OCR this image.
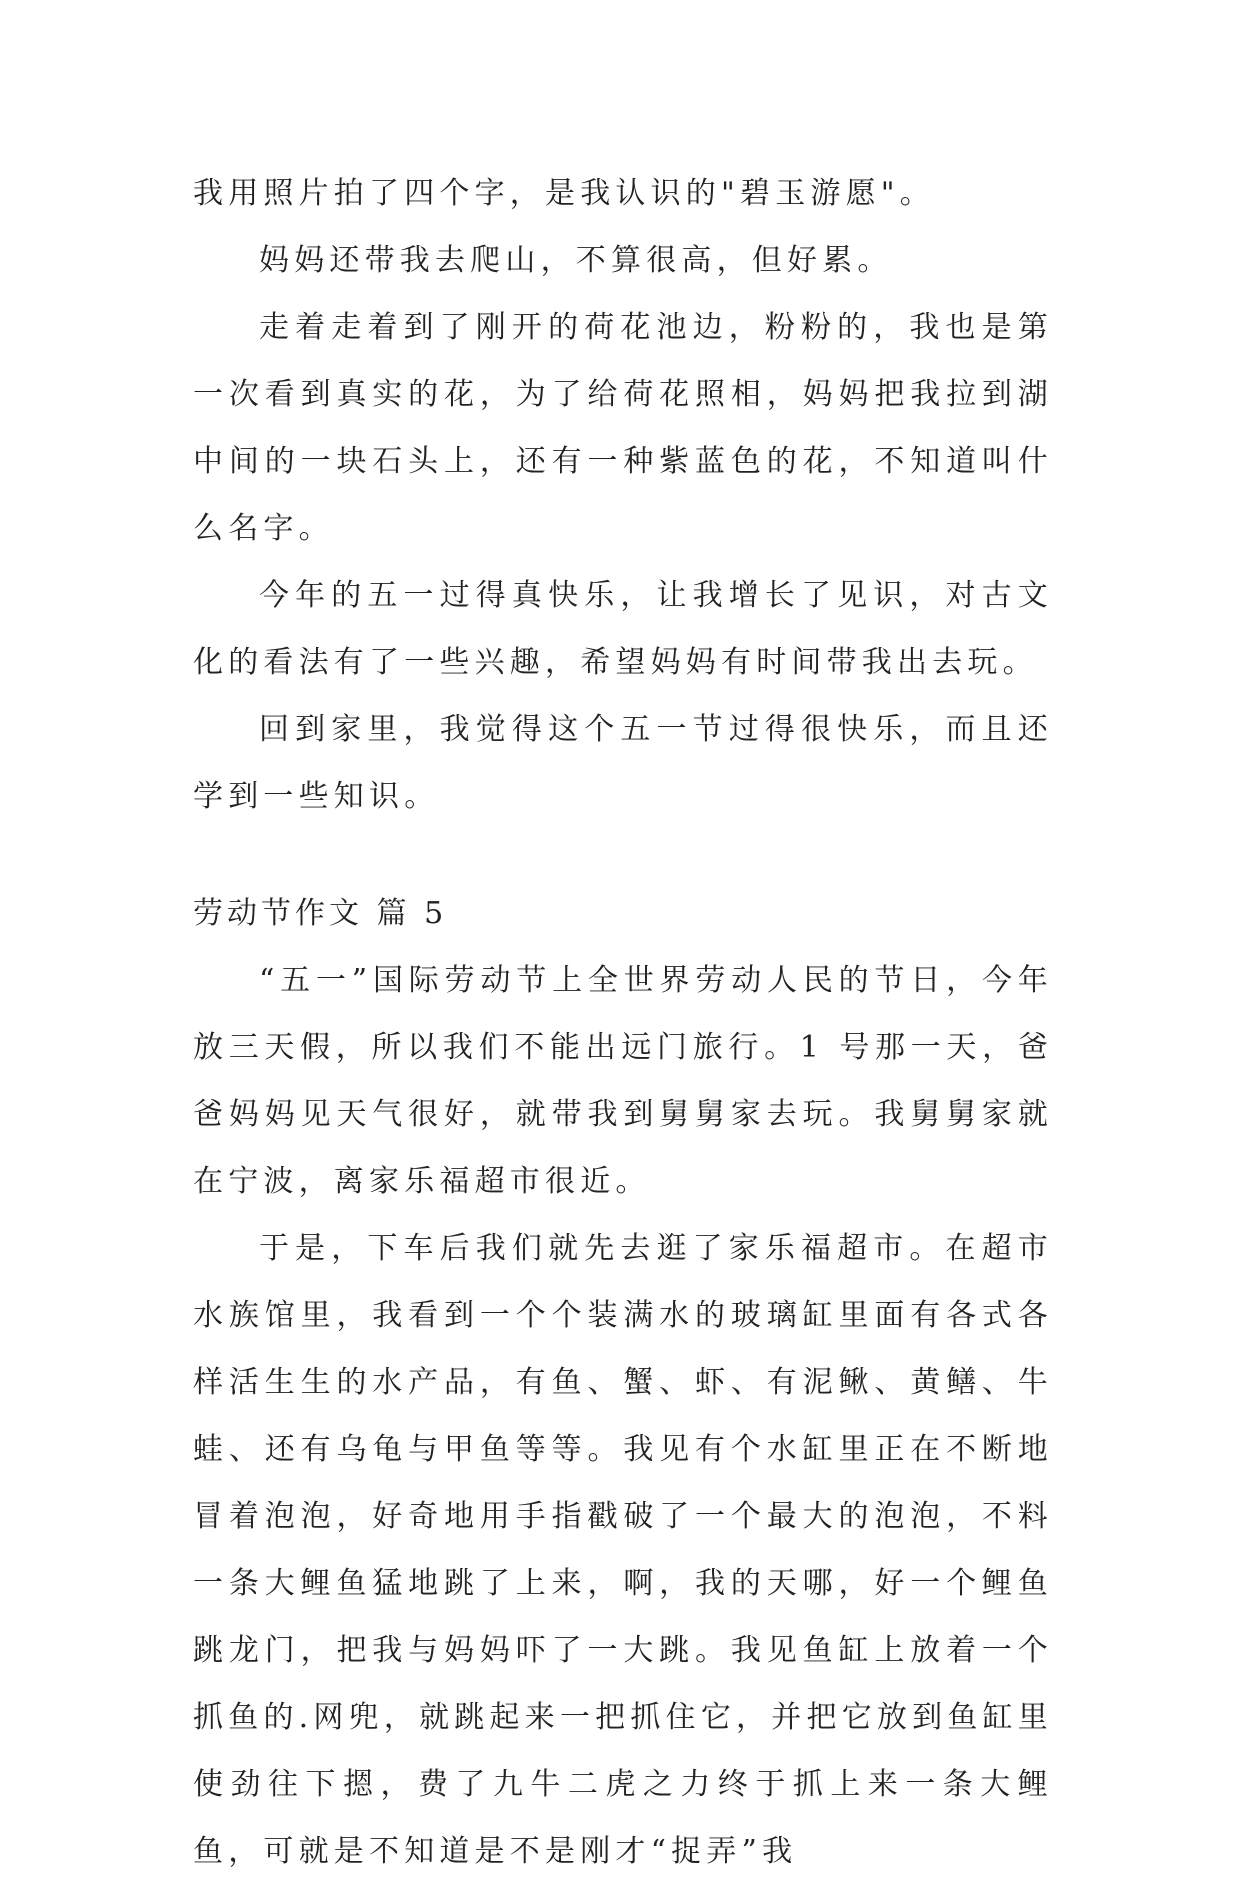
我用照片拍了四个字，是我认识的"碧玉游愿"。

妈妈还带我去爬山，不算很高，但好累。

走着走着到了刚开的荷花池边，粉粉的，我也是第一次看到真实的花，为了给荷花照相，妈妈把我拉到湖中间的一块石头上，还有一种紫蓝色的花，不知道叫什么名字。

今年的五一过得真快乐，让我增长了见识，对古文化的看法有了一些兴趣，希望妈妈有时间带我出去玩。

回到家里，我觉得这个五一节过得很快乐，而且还学到一些知识。

劳动节作文 篇 5

“五一”国际劳动节上全世界劳动人民的节日，今年放三天假，所以我们不能出远门旅行。1 号那一天，爸爸妈妈见天气很好，就带我到舅舅家去玩。我舅舅家就在宁波，离家乐福超市很近。

于是，下车后我们就先去逛了家乐福超市。在超市水族馆里，我看到一个个装满水的玻璃缸里面有各式各样活生生的水产品，有鱼、蟹、虾、有泥鳅、黄鳝、牛蛙、还有乌龟与甲鱼等等。我见有个水缸里正在不断地冒着泡泡，好奇地用手指戳破了一个最大的泡泡，不料一条大鲤鱼猛地跳了上来，啊，我的天哪，好一个鲤鱼跳龙门，把我与妈妈吓了一大跳。我见鱼缸上放着一个抓鱼的.网兜，就跳起来一把抓住它，并把它放到鱼缸里使劲往下摁，费了九牛二虎之力终于抓上来一条大鲤鱼，可就是不知道是不是刚才“捉弄”我
